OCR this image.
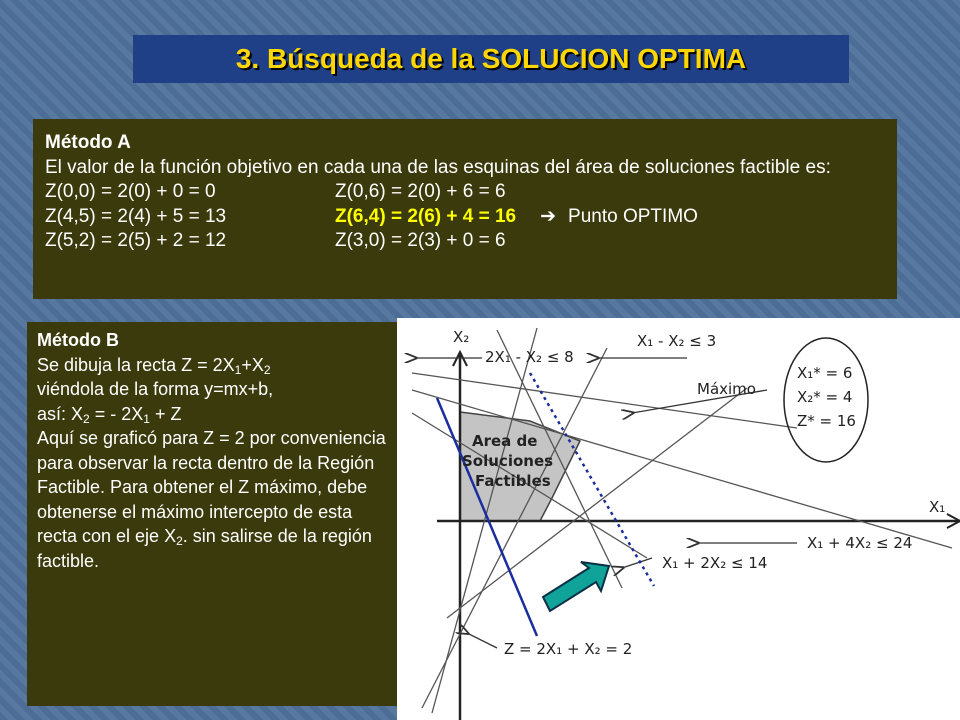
3. Búsqueda de la SOLUCION OPTIMA
Método A
El valor de la función objetivo en cada una de las esquinas del área de soluciones factible es:
Z(0,0) = 2(0) + 0 = 0	Z(0,6) = 2(0) + 6 = 6
Z(4,5) = 2(4) + 5 = 13	Z(6,4) = 2(6) + 4 = 16 ➔ Punto OPTIMO
Z(5,2) = 2(5) + 2 = 12	Z(3,0) = 2(3) + 0 = 6
Método B
Se dibuja la recta $Z = 2X_1+X_2$
viéndola de la forma y=mx+b,
así: $X_2$ = - $2X_1 + Z$
Aquí se graficó para Z = 2 por conveniencia para observar la recta dentro de la Región Factible. Para obtener el Z máximo, debe obtenerse el máximo intercepto de esta recta con el eje $X_2$. sin salirse de la región factible.
X₂
X₁
2X₁ - X₂ ≤ 8
X₁ - X₂ ≤ 3
Máximo
Area de
Soluciones
Factibles
X₁ + 4X₂ ≤ 24
X₁ + 2X₂ ≤ 14
Z = 2X₁ + X₂ = 2
X₁* = 6
X₂* = 4
Z* = 16
